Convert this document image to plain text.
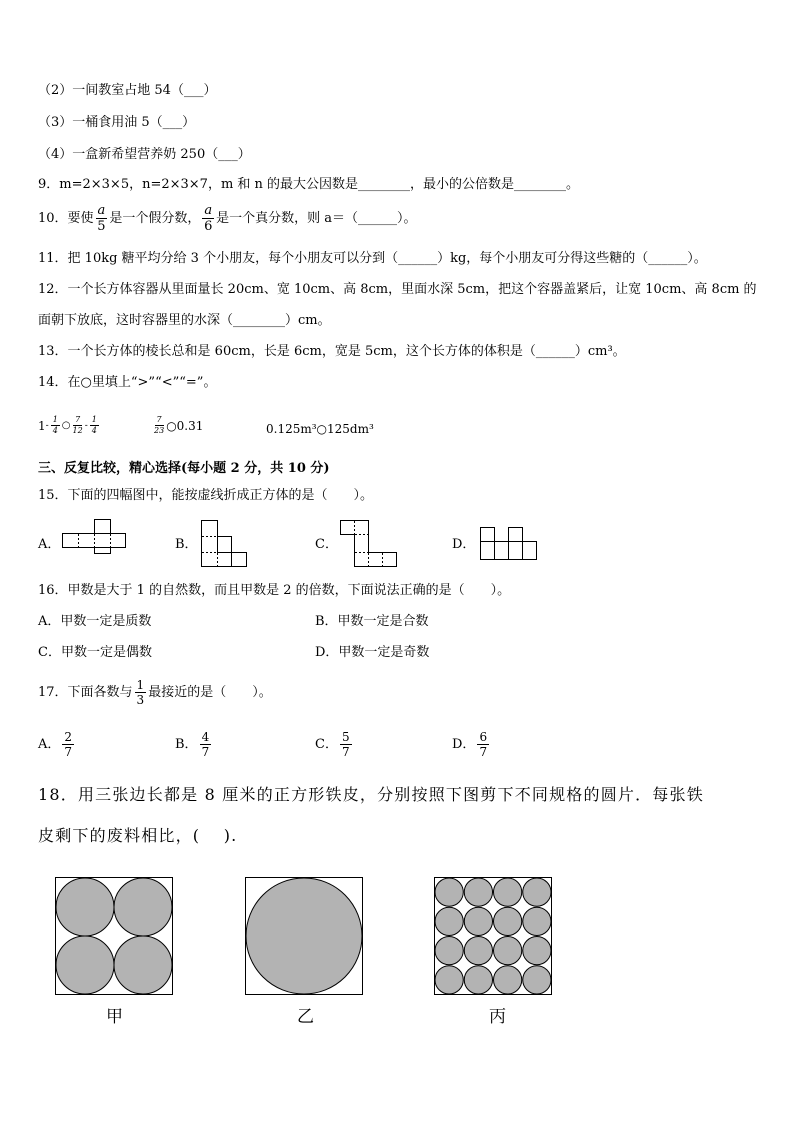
（2）一间教室占地 54（___）
（3）一桶食用油 5（___）
（4）一盒新希望营养奶 250（___）
9．m=2×3×5，n=2×3×7，m 和 n 的最大公因数是________，最小的公倍数是________。
10．要使 $\frac{a}{5}$ 是一个假分数， $\frac{a}{6}$ 是一个真分数，则 a＝（______）。
11．把 10kg 糖平均分给 3 个小朋友，每个小朋友可以分到（______）kg，每个小朋友可分得这些糖的（______）。
12．一个长方体容器从里面量长 20cm、宽 10cm、高 8cm，里面水深 5cm，把这个容器盖紧后，让宽 10cm、高 8cm 的
面朝下放底，这时容器里的水深（________）cm。
13．一个长方体的棱长总和是 60cm，长是 6cm，宽是 5cm，这个长方体的体积是（______）cm³。
14．在○里填上“>”“<”“=”。
$1 - \frac{1}{4}$ ○ $\frac{7}{12} - \frac{1}{4}$	$\frac{7}{23}$ ○0.31	0.125m³○125dm³
三、反复比较，精心选择(每小题 2 分，共 10 分)
15．下面的四幅图中，能按虚线折成正方体的是（　　）。
A．	B．	C．	D．
16．甲数是大于 1 的自然数，而且甲数是 2 的倍数，下面说法正确的是（　　）。
A．甲数一定是质数	B．甲数一定是合数
C．甲数一定是偶数	D．甲数一定是奇数
17．下面各数与 $\frac{1}{3}$ 最接近的是（　　）。
A． $\frac{2}{7}$	B． $\frac{4}{7}$	C． $\frac{5}{7}$	D． $\frac{6}{7}$
18．用三张边长都是 8 厘米的正方形铁皮，分别按照下图剪下不同规格的圆片．每张铁
皮剩下的废料相比，(　 ).
甲	乙	丙
